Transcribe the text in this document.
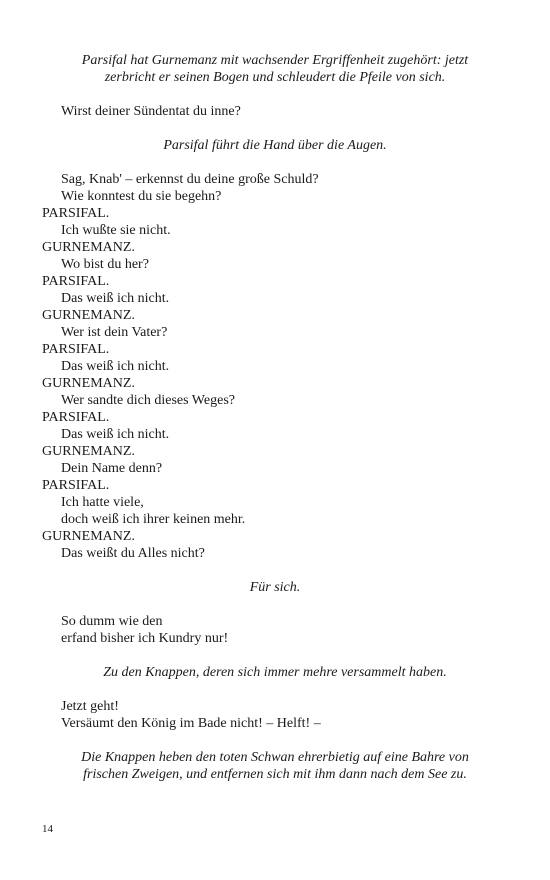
Parsifal hat Gurnemanz mit wachsender Ergriffenheit zugehört: jetzt
zerbricht er seinen Bogen und schleudert die Pfeile von sich.
Wirst deiner Sündentat du inne?
Parsifal führt die Hand über die Augen.
Sag, Knab' – erkennst du deine große Schuld?
Wie konntest du sie begehn?
PARSIFAL.
Ich wußte sie nicht.
GURNEMANZ.
Wo bist du her?
PARSIFAL.
Das weiß ich nicht.
GURNEMANZ.
Wer ist dein Vater?
PARSIFAL.
Das weiß ich nicht.
GURNEMANZ.
Wer sandte dich dieses Weges?
PARSIFAL.
Das weiß ich nicht.
GURNEMANZ.
Dein Name denn?
PARSIFAL.
Ich hatte viele,
doch weiß ich ihrer keinen mehr.
GURNEMANZ.
Das weißt du Alles nicht?
Für sich.
So dumm wie den
erfand bisher ich Kundry nur!
Zu den Knappen, deren sich immer mehre versammelt haben.
Jetzt geht!
Versäumt den König im Bade nicht! – Helft! –
Die Knappen heben den toten Schwan ehrerbietig auf eine Bahre von
frischen Zweigen, und entfernen sich mit ihm dann nach dem See zu.
14
